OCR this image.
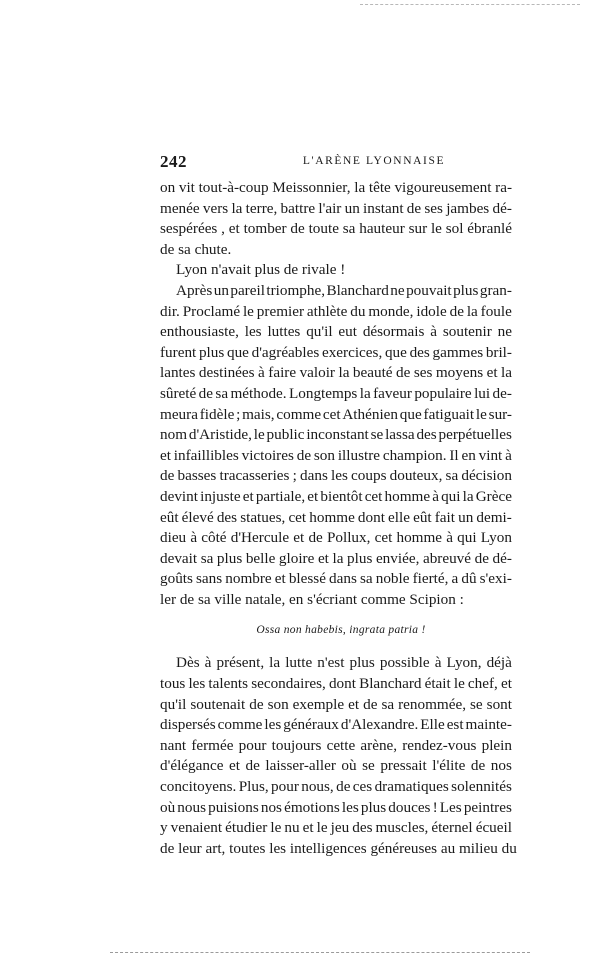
242	L'ARÈNE LYONNAISE
on vit tout-à-coup Meissonnier, la tête vigoureusement ra-
menée vers la terre, battre l'air un instant de ses jambes dé-
sespérées , et tomber de toute sa hauteur sur le sol ébranlé
de sa chute.
Lyon n'avait plus de rivale !
Après un pareil triomphe, Blanchard ne pouvait plus gran-
dir. Proclamé le premier athlète du monde, idole de la foule
enthousiaste, les luttes qu'il eut désormais à soutenir ne
furent plus que d'agréables exercices, que des gammes bril-
lantes destinées à faire valoir la beauté de ses moyens et la
sûreté de sa méthode. Longtemps la faveur populaire lui de-
meura fidèle ; mais, comme cet Athénien que fatiguait le sur-
nom d'Aristide, le public inconstant se lassa des perpétuelles
et infaillibles victoires de son illustre champion. Il en vint à
de basses tracasseries ; dans les coups douteux, sa décision
devint injuste et partiale, et bientôt cet homme à qui la Grèce
eût élevé des statues, cet homme dont elle eût fait un demi-
dieu à côté d'Hercule et de Pollux, cet homme à qui Lyon
devait sa plus belle gloire et la plus enviée, abreuvé de dé-
goûts sans nombre et blessé dans sa noble fierté, a dû s'exi-
ler de sa ville natale, en s'écriant comme Scipion :
Ossa non habebis, ingrata patria !
Dès à présent, la lutte n'est plus possible à Lyon, déjà
tous les talents secondaires, dont Blanchard était le chef, et
qu'il soutenait de son exemple et de sa renommée, se sont
dispersés comme les généraux d'Alexandre. Elle est mainte-
nant fermée pour toujours cette arène, rendez-vous plein
d'élégance et de laisser-aller où se pressait l'élite de nos
concitoyens. Plus, pour nous, de ces dramatiques solennités
où nous puisions nos émotions les plus douces ! Les peintres
y venaient étudier le nu et le jeu des muscles, éternel écueil
de leur art, toutes les intelligences généreuses au milieu du
